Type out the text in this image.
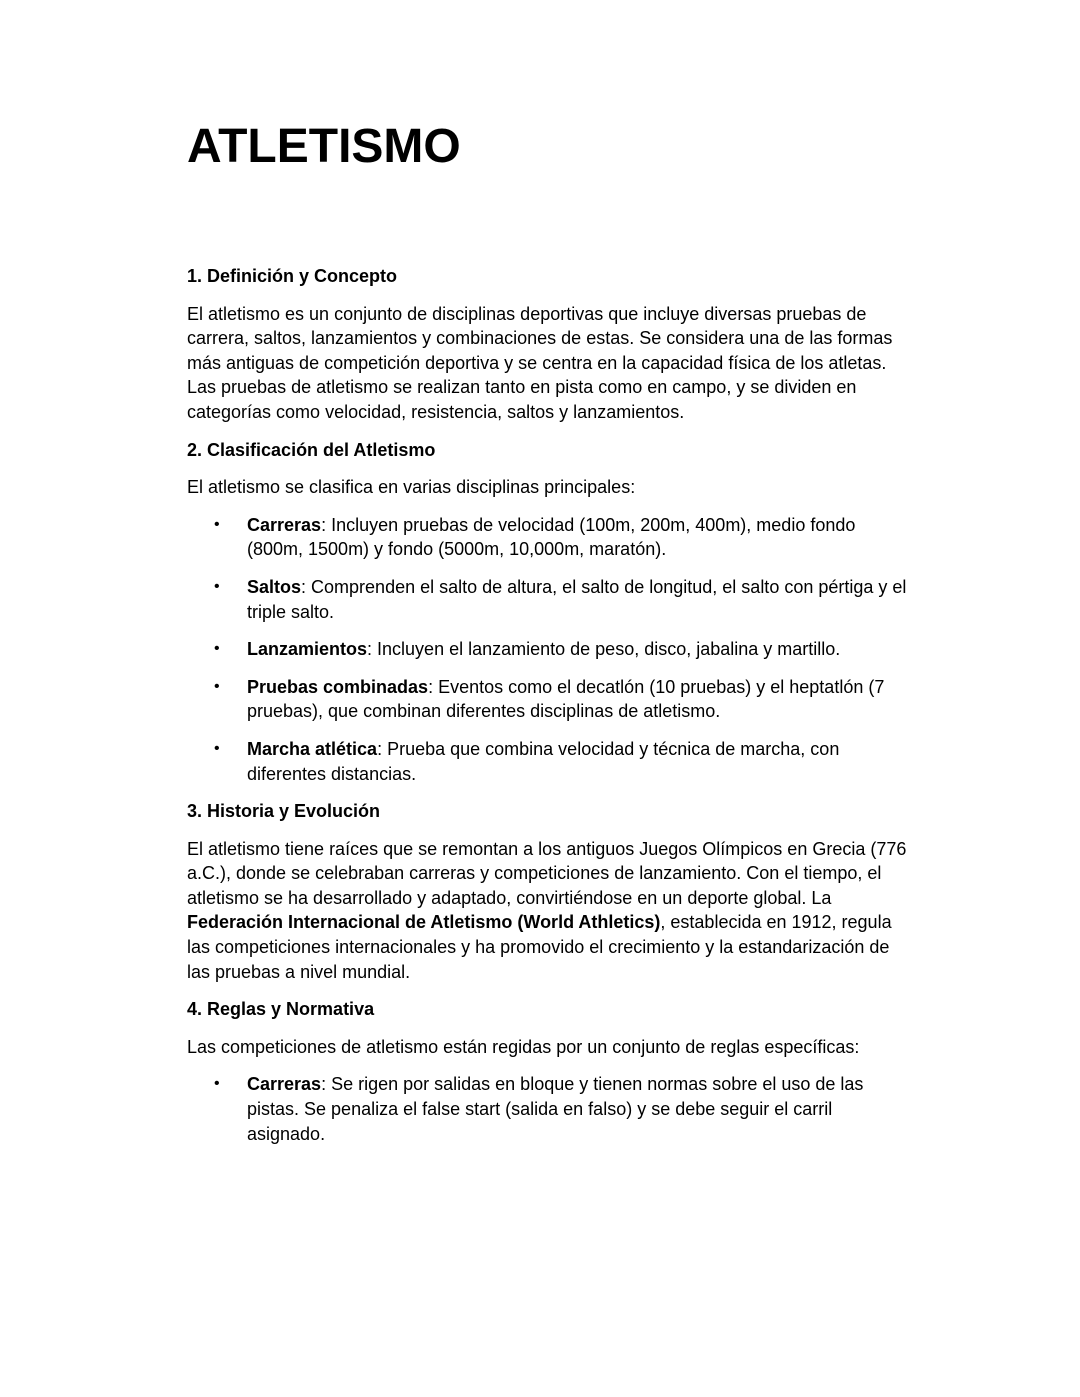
ATLETISMO
1. Definición y Concepto

El atletismo es un conjunto de disciplinas deportivas que incluye diversas pruebas de carrera, saltos, lanzamientos y combinaciones de estas. Se considera una de las formas más antiguas de competición deportiva y se centra en la capacidad física de los atletas. Las pruebas de atletismo se realizan tanto en pista como en campo, y se dividen en categorías como velocidad, resistencia, saltos y lanzamientos.

2. Clasificación del Atletismo

El atletismo se clasifica en varias disciplinas principales:

• Carreras: Incluyen pruebas de velocidad (100m, 200m, 400m), medio fondo (800m, 1500m) y fondo (5000m, 10,000m, maratón).
• Saltos: Comprenden el salto de altura, el salto de longitud, el salto con pértiga y el triple salto.
• Lanzamientos: Incluyen el lanzamiento de peso, disco, jabalina y martillo.
• Pruebas combinadas: Eventos como el decatlón (10 pruebas) y el heptatlón (7 pruebas), que combinan diferentes disciplinas de atletismo.
• Marcha atlética: Prueba que combina velocidad y técnica de marcha, con diferentes distancias.
3. Historia y Evolución

El atletismo tiene raíces que se remontan a los antiguos Juegos Olímpicos en Grecia (776 a.C.), donde se celebraban carreras y competiciones de lanzamiento. Con el tiempo, el atletismo se ha desarrollado y adaptado, convirtiéndose en un deporte global. La Federación Internacional de Atletismo (World Athletics), establecida en 1912, regula las competiciones internacionales y ha promovido el crecimiento y la estandarización de las pruebas a nivel mundial.

4. Reglas y Normativa

Las competiciones de atletismo están regidas por un conjunto de reglas específicas:

• Carreras: Se rigen por salidas en bloque y tienen normas sobre el uso de las pistas. Se penaliza el false start (salida en falso) y se debe seguir el carril asignado.
